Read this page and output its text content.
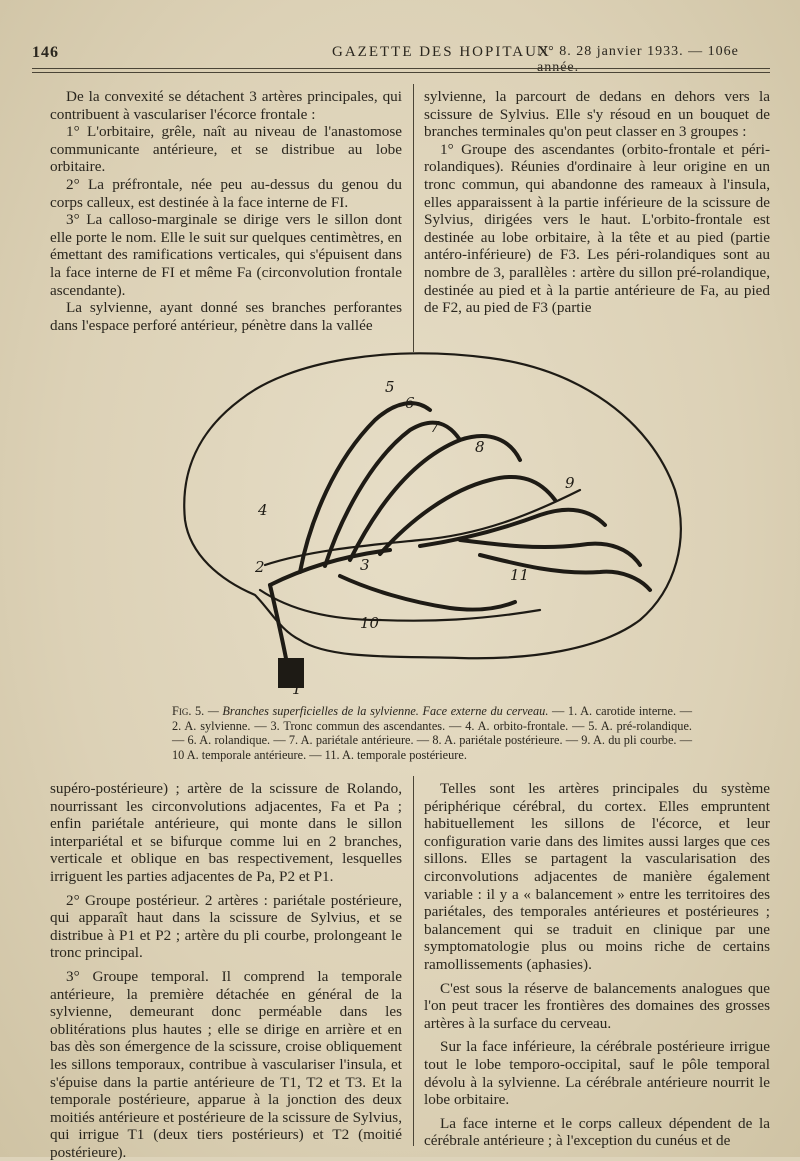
146	GAZETTE DES HOPITAUX
N° 8. 28 janvier 1933. — 106e année.

De la convexité se détachent 3 artères principales, qui contribuent à vasculariser l'écorce frontale :

1° L'orbitaire, grêle, naît au niveau de l'anastomose communicante antérieure, et se distribue au lobe orbitaire.

2° La préfrontale, née peu au-dessus du genou du corps calleux, est destinée à la face interne de FI.

3° La calloso-marginale se dirige vers le sillon dont elle porte le nom. Elle le suit sur quelques centimètres, en émettant des ramifications verticales, qui s'épuisent dans la face interne de FI et même Fa (circonvolution frontale ascendante).

La sylvienne, ayant donné ses branches perforantes dans l'espace perforé antérieur, pénètre dans la vallée

sylvienne, la parcourt de dedans en dehors vers la scissure de Sylvius. Elle s'y résoud en un bouquet de branches terminales qu'on peut classer en 3 groupes :

1° Groupe des ascendantes (orbito-frontale et péri-rolandiques). Réunies d'ordinaire à leur origine en un tronc commun, qui abandonne des rameaux à l'insula, elles apparaissent à la partie inférieure de la scissure de Sylvius, dirigées vers le haut. L'orbito-frontale est destinée au lobe orbitaire, à la tête et au pied (partie antéro-inférieure) de F3. Les péri-rolandiques sont au nombre de 3, parallèles : artère du sillon pré-rolandique, destinée au pied et à la partie antérieure de Fa, au pied de F2, au pied de F3 (partie

1
2
4
5
6
7
8
3
9
10
11
Fig. 5. — Branches superficielles de la sylvienne. Face externe du cerveau. — 1. A. carotide interne. — 2. A. sylvienne. — 3. Tronc commun des ascendantes. — 4. A. orbito-frontale. — 5. A. pré-rolandique. — 6. A. rolandique. — 7. A. pariétale antérieure. — 8. A. pariétale postérieure. — 9. A. du pli courbe. — 10 A. temporale antérieure. — 11. A. temporale postérieure.

supéro-postérieure) ; artère de la scissure de Rolando, nourrissant les circonvolutions adjacentes, Fa et Pa ; enfin pariétale antérieure, qui monte dans le sillon interpariétal et se bifurque comme lui en 2 branches, verticale et oblique en bas respectivement, lesquelles irriguent les parties adjacentes de Pa, P2 et P1.

2° Groupe postérieur. 2 artères : pariétale postérieure, qui apparaît haut dans la scissure de Sylvius, et se distribue à P1 et P2 ; artère du pli courbe, prolongeant le tronc principal.

3° Groupe temporal. Il comprend la temporale antérieure, la première détachée en général de la sylvienne, demeurant donc perméable dans les oblitérations plus hautes ; elle se dirige en arrière et en bas dès son émergence de la scissure, croise obliquement les sillons temporaux, contribue à vasculariser l'insula, et s'épuise dans la partie antérieure de T1, T2 et T3. Et la temporale postérieure, apparue à la jonction des deux moitiés antérieure et postérieure de la scissure de Sylvius, qui irrigue T1 (deux tiers postérieurs) et T2 (moitié postérieure).

Telles sont les artères principales du système périphérique cérébral, du cortex. Elles empruntent habituellement les sillons de l'écorce, et leur configuration varie dans des limites aussi larges que ces sillons. Elles se partagent la vascularisation des circonvolutions adjacentes de manière également variable : il y a « balancement » entre les territoires des pariétales, des temporales antérieures et postérieures ; balancement qui se traduit en clinique par une symptomatologie plus ou moins riche de certains ramollissements (aphasies).

C'est sous la réserve de balancements analogues que l'on peut tracer les frontières des domaines des grosses artères à la surface du cerveau.

Sur la face inférieure, la cérébrale postérieure irrigue tout le lobe temporo-occipital, sauf le pôle temporal dévolu à la sylvienne. La cérébrale antérieure nourrit le lobe orbitaire.

La face interne et le corps calleux dépendent de la cérébrale antérieure ; à l'exception du cunéus et de
